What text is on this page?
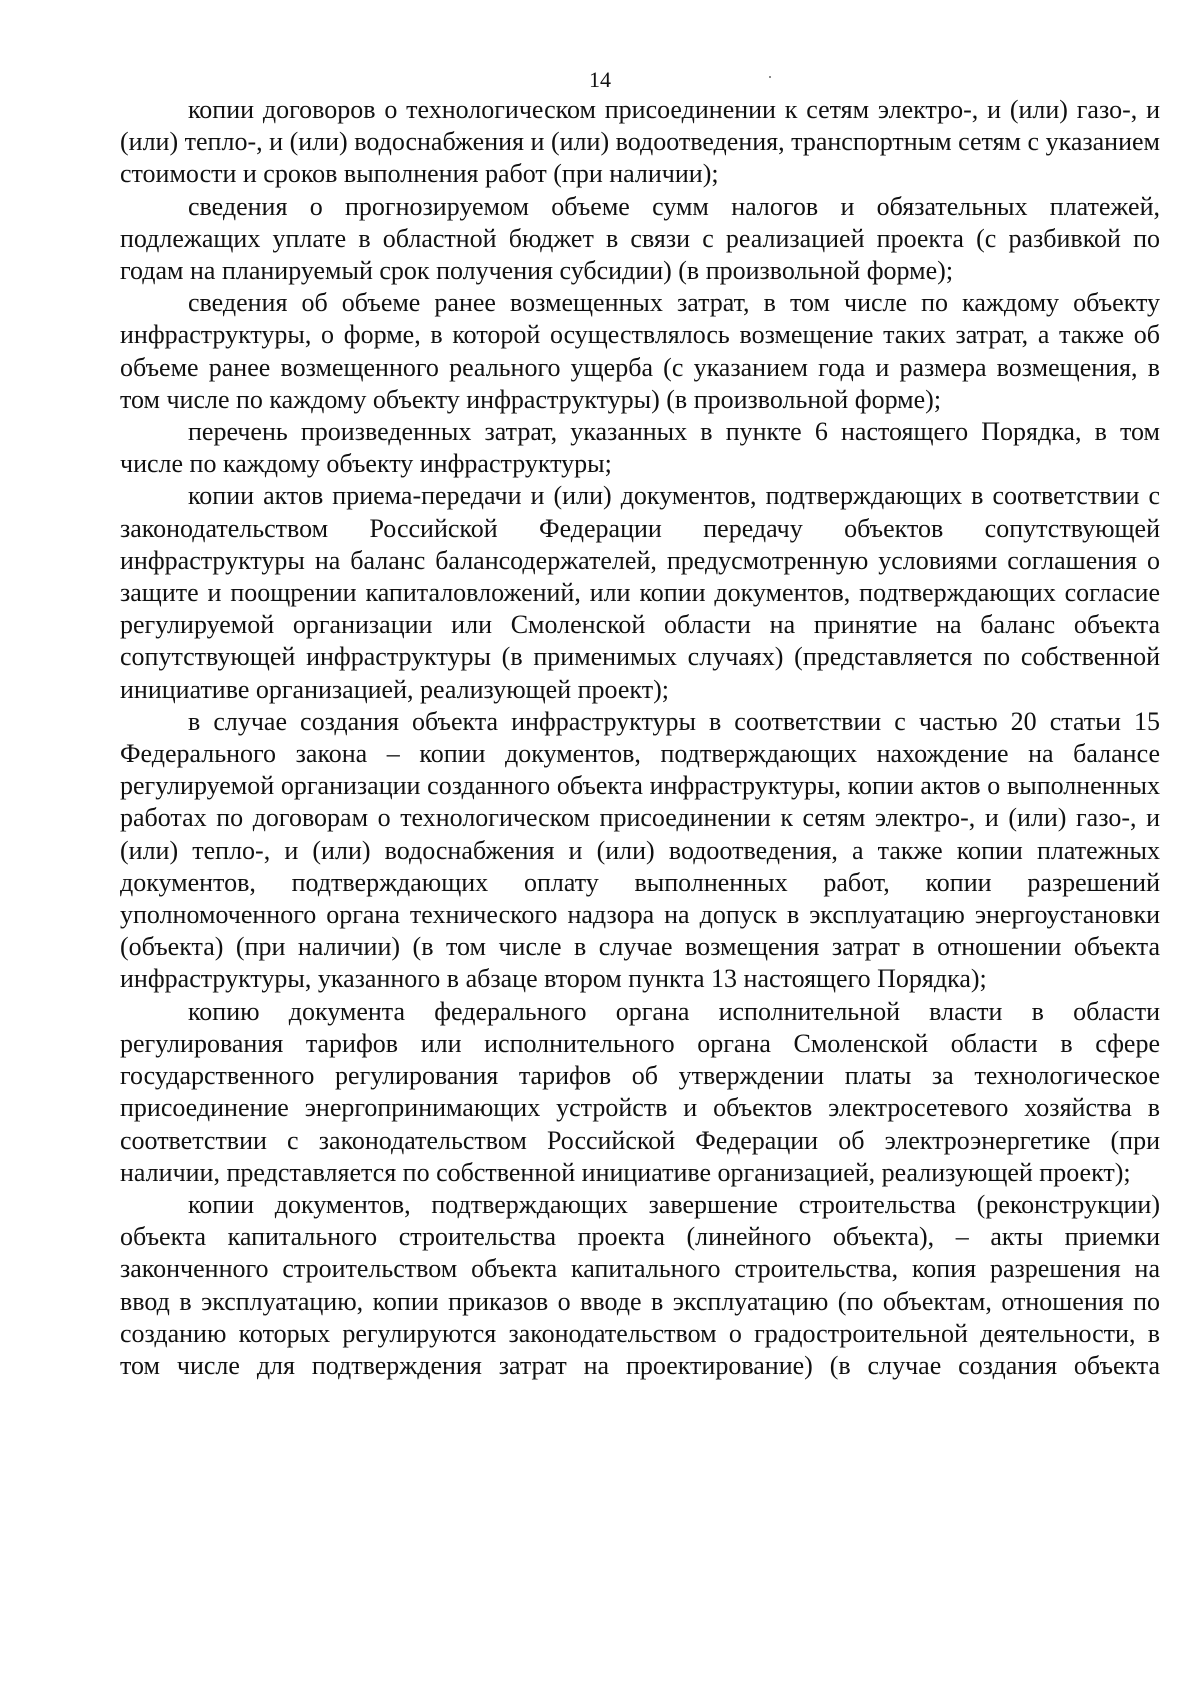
14

копии договоров о технологическом присоединении к сетям электро-, и (или) газо-, и (или) тепло-, и (или) водоснабжения и (или) водоотведения, транспортным сетям с указанием стоимости и сроков выполнения работ (при наличии);

сведения о прогнозируемом объеме сумм налогов и обязательных платежей, подлежащих уплате в областной бюджет в связи с реализацией проекта (с разбивкой по годам на планируемый срок получения субсидии) (в произвольной форме);

сведения об объеме ранее возмещенных затрат, в том числе по каждому объекту инфраструктуры, о форме, в которой осуществлялось возмещение таких затрат, а также об объеме ранее возмещенного реального ущерба (с указанием года и размера возмещения, в том числе по каждому объекту инфраструктуры) (в произвольной форме);

перечень произведенных затрат, указанных в пункте 6 настоящего Порядка, в том числе по каждому объекту инфраструктуры;

копии актов приема-передачи и (или) документов, подтверждающих в соответствии с законодательством Российской Федерации передачу объектов сопутствующей инфраструктуры на баланс балансодержателей, предусмотренную условиями соглашения о защите и поощрении капиталовложений, или копии документов, подтверждающих согласие регулируемой организации или Смоленской области на принятие на баланс объекта сопутствующей инфраструктуры (в применимых случаях) (представляется по собственной инициативе организацией, реализующей проект);

в случае создания объекта инфраструктуры в соответствии с частью 20 статьи 15 Федерального закона – копии документов, подтверждающих нахождение на балансе регулируемой организации созданного объекта инфраструктуры, копии актов о выполненных работах по договорам о технологическом присоединении к сетям электро-, и (или) газо-, и (или) тепло-, и (или) водоснабжения и (или) водоотведения, а также копии платежных документов, подтверждающих оплату выполненных работ, копии разрешений уполномоченного органа технического надзора на допуск в эксплуатацию энергоустановки (объекта) (при наличии) (в том числе в случае возмещения затрат в отношении объекта инфраструктуры, указанного в абзаце втором пункта 13 настоящего Порядка);

копию документа федерального органа исполнительной власти в области регулирования тарифов или исполнительного органа Смоленской области в сфере государственного регулирования тарифов об утверждении платы за технологическое присоединение энергопринимающих устройств и объектов электросетевого хозяйства в соответствии с законодательством Российской Федерации об электроэнергетике (при наличии, представляется по собственной инициативе организацией, реализующей проект);

копии документов, подтверждающих завершение строительства (реконструкции) объекта капитального строительства проекта (линейного объекта), – акты приемки законченного строительством объекта капитального строительства, копия разрешения на ввод в эксплуатацию, копии приказов о вводе в эксплуатацию (по объектам, отношения по созданию которых регулируются законодательством о градостроительной деятельности, в том числе для подтверждения затрат на проектирование) (в случае создания объекта
